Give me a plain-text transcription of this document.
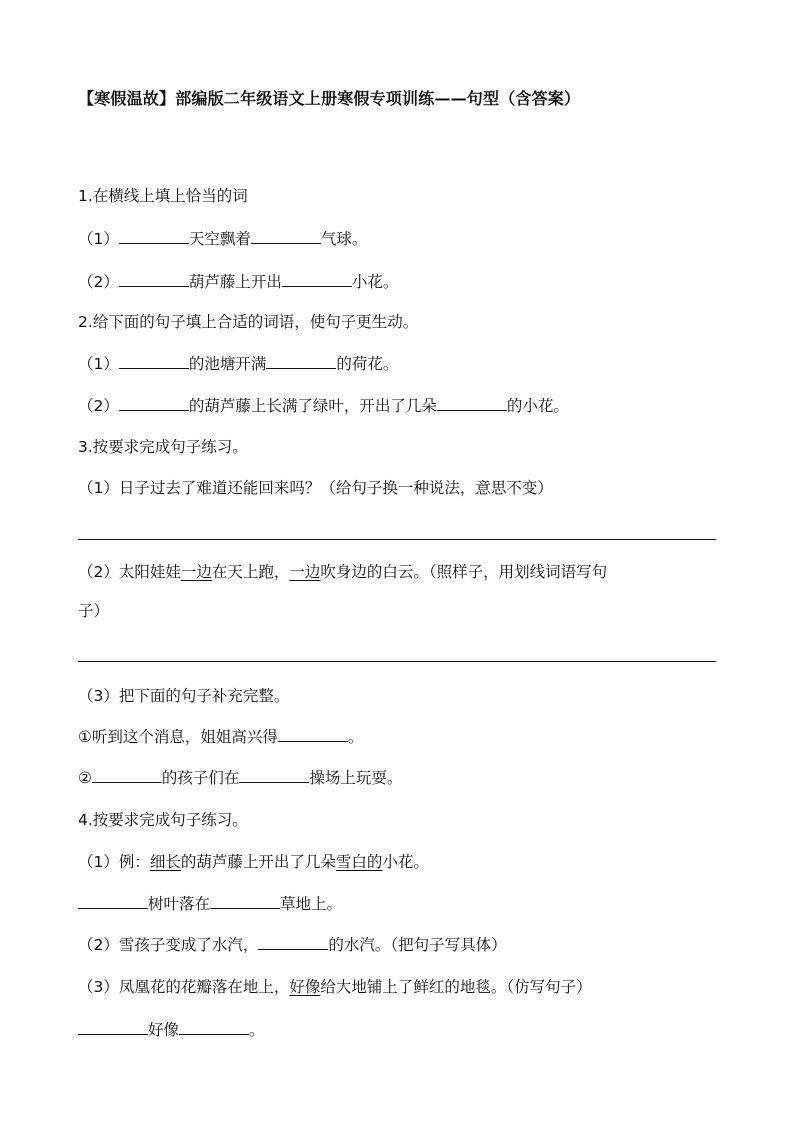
【寒假温故】部编版二年级语文上册寒假专项训练——句型（含答案）
1.在横线上填上恰当的词
（1）	天空飘着	气球。
（2）	葫芦藤上开出	小花。
2.给下面的句子填上合适的词语，使句子更生动。
（1）	的池塘开满	的荷花。
（2）	的葫芦藤上长满了绿叶，开出了几朵	的小花。
3.按要求完成句子练习。
（1）日子过去了难道还能回来吗？（给句子换一种说法，意思不变）
（2）太阳娃娃一边在天上跑，一边吹身边的白云。（照样子，用划线词语写句
子）
（3）把下面的句子补充完整。
①听到这个消息，姐姐高兴得	。
②	的孩子们在	操场上玩耍。
4.按要求完成句子练习。
（1）例：细长的葫芦藤上开出了几朵雪白的小花。
树叶落在	草地上。
（2）雪孩子变成了水汽，	的水汽。（把句子写具体）
（3）凤凰花的花瓣落在地上，好像给大地铺上了鲜红的地毯。（仿写句子）
好像	。
